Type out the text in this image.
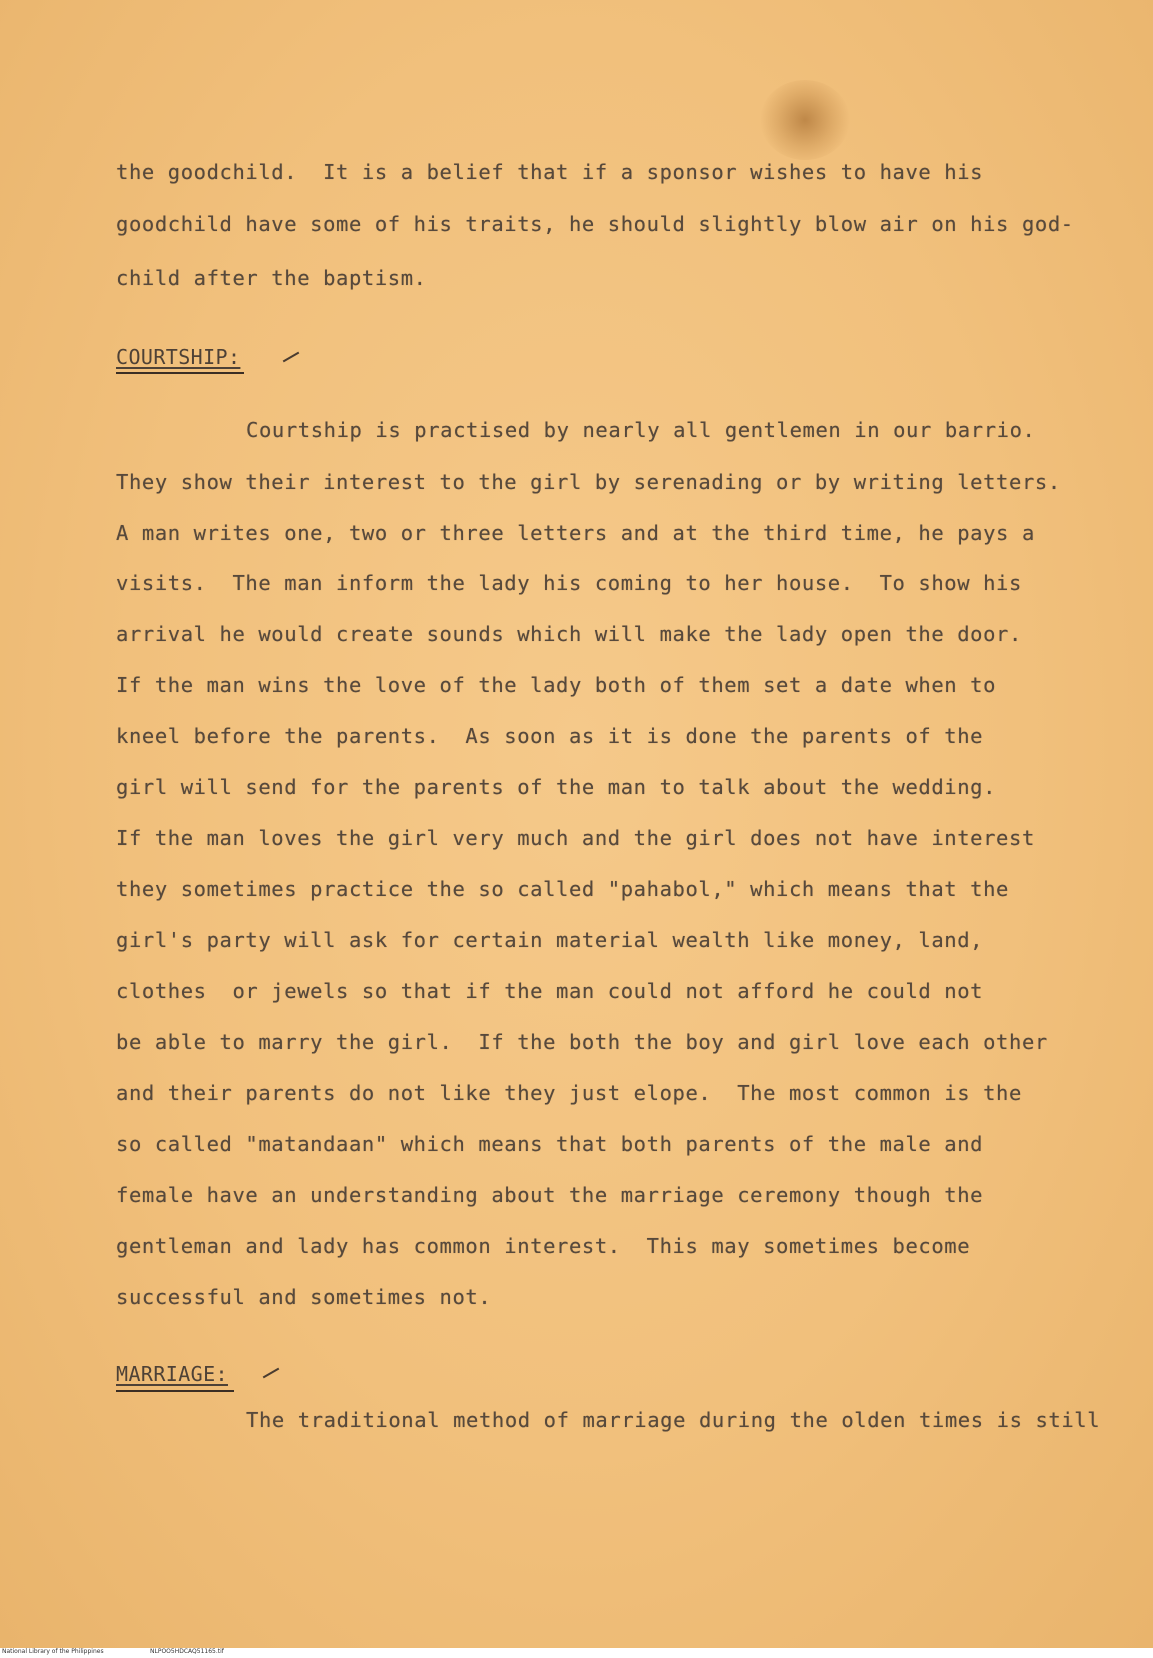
the goodchild.  It is a belief that if a sponsor wishes to have his
goodchild have some of his traits, he should slightly blow air on his god-
child after the baptism.
COURTSHIP:
Courtship is practised by nearly all gentlemen in our barrio.
They show their interest to the girl by serenading or by writing letters.
A man writes one, two or three letters and at the third time, he pays a
visits.  The man inform the lady his coming to her house.  To show his
arrival he would create sounds which will make the lady open the door.
If the man wins the love of the lady both of them set a date when to
kneel before the parents.  As soon as it is done the parents of the
girl will send for the parents of the man to talk about the wedding.
If the man loves the girl very much and the girl does not have interest
they sometimes practice the so called "pahabol," which means that the
girl's party will ask for certain material wealth like money, land,
clothes  or jewels so that if the man could not afford he could not
be able to marry the girl.  If the both the boy and girl love each other
and their parents do not like they just elope.  The most common is the
so called "matandaan" which means that both parents of the male and
female have an understanding about the marriage ceremony though the
gentleman and lady has common interest.  This may sometimes become
successful and sometimes not.
MARRIAGE:
The traditional method of marriage during the olden times is still
National Library of the Philippines	NLPOO5HDCAQ51165.tif
